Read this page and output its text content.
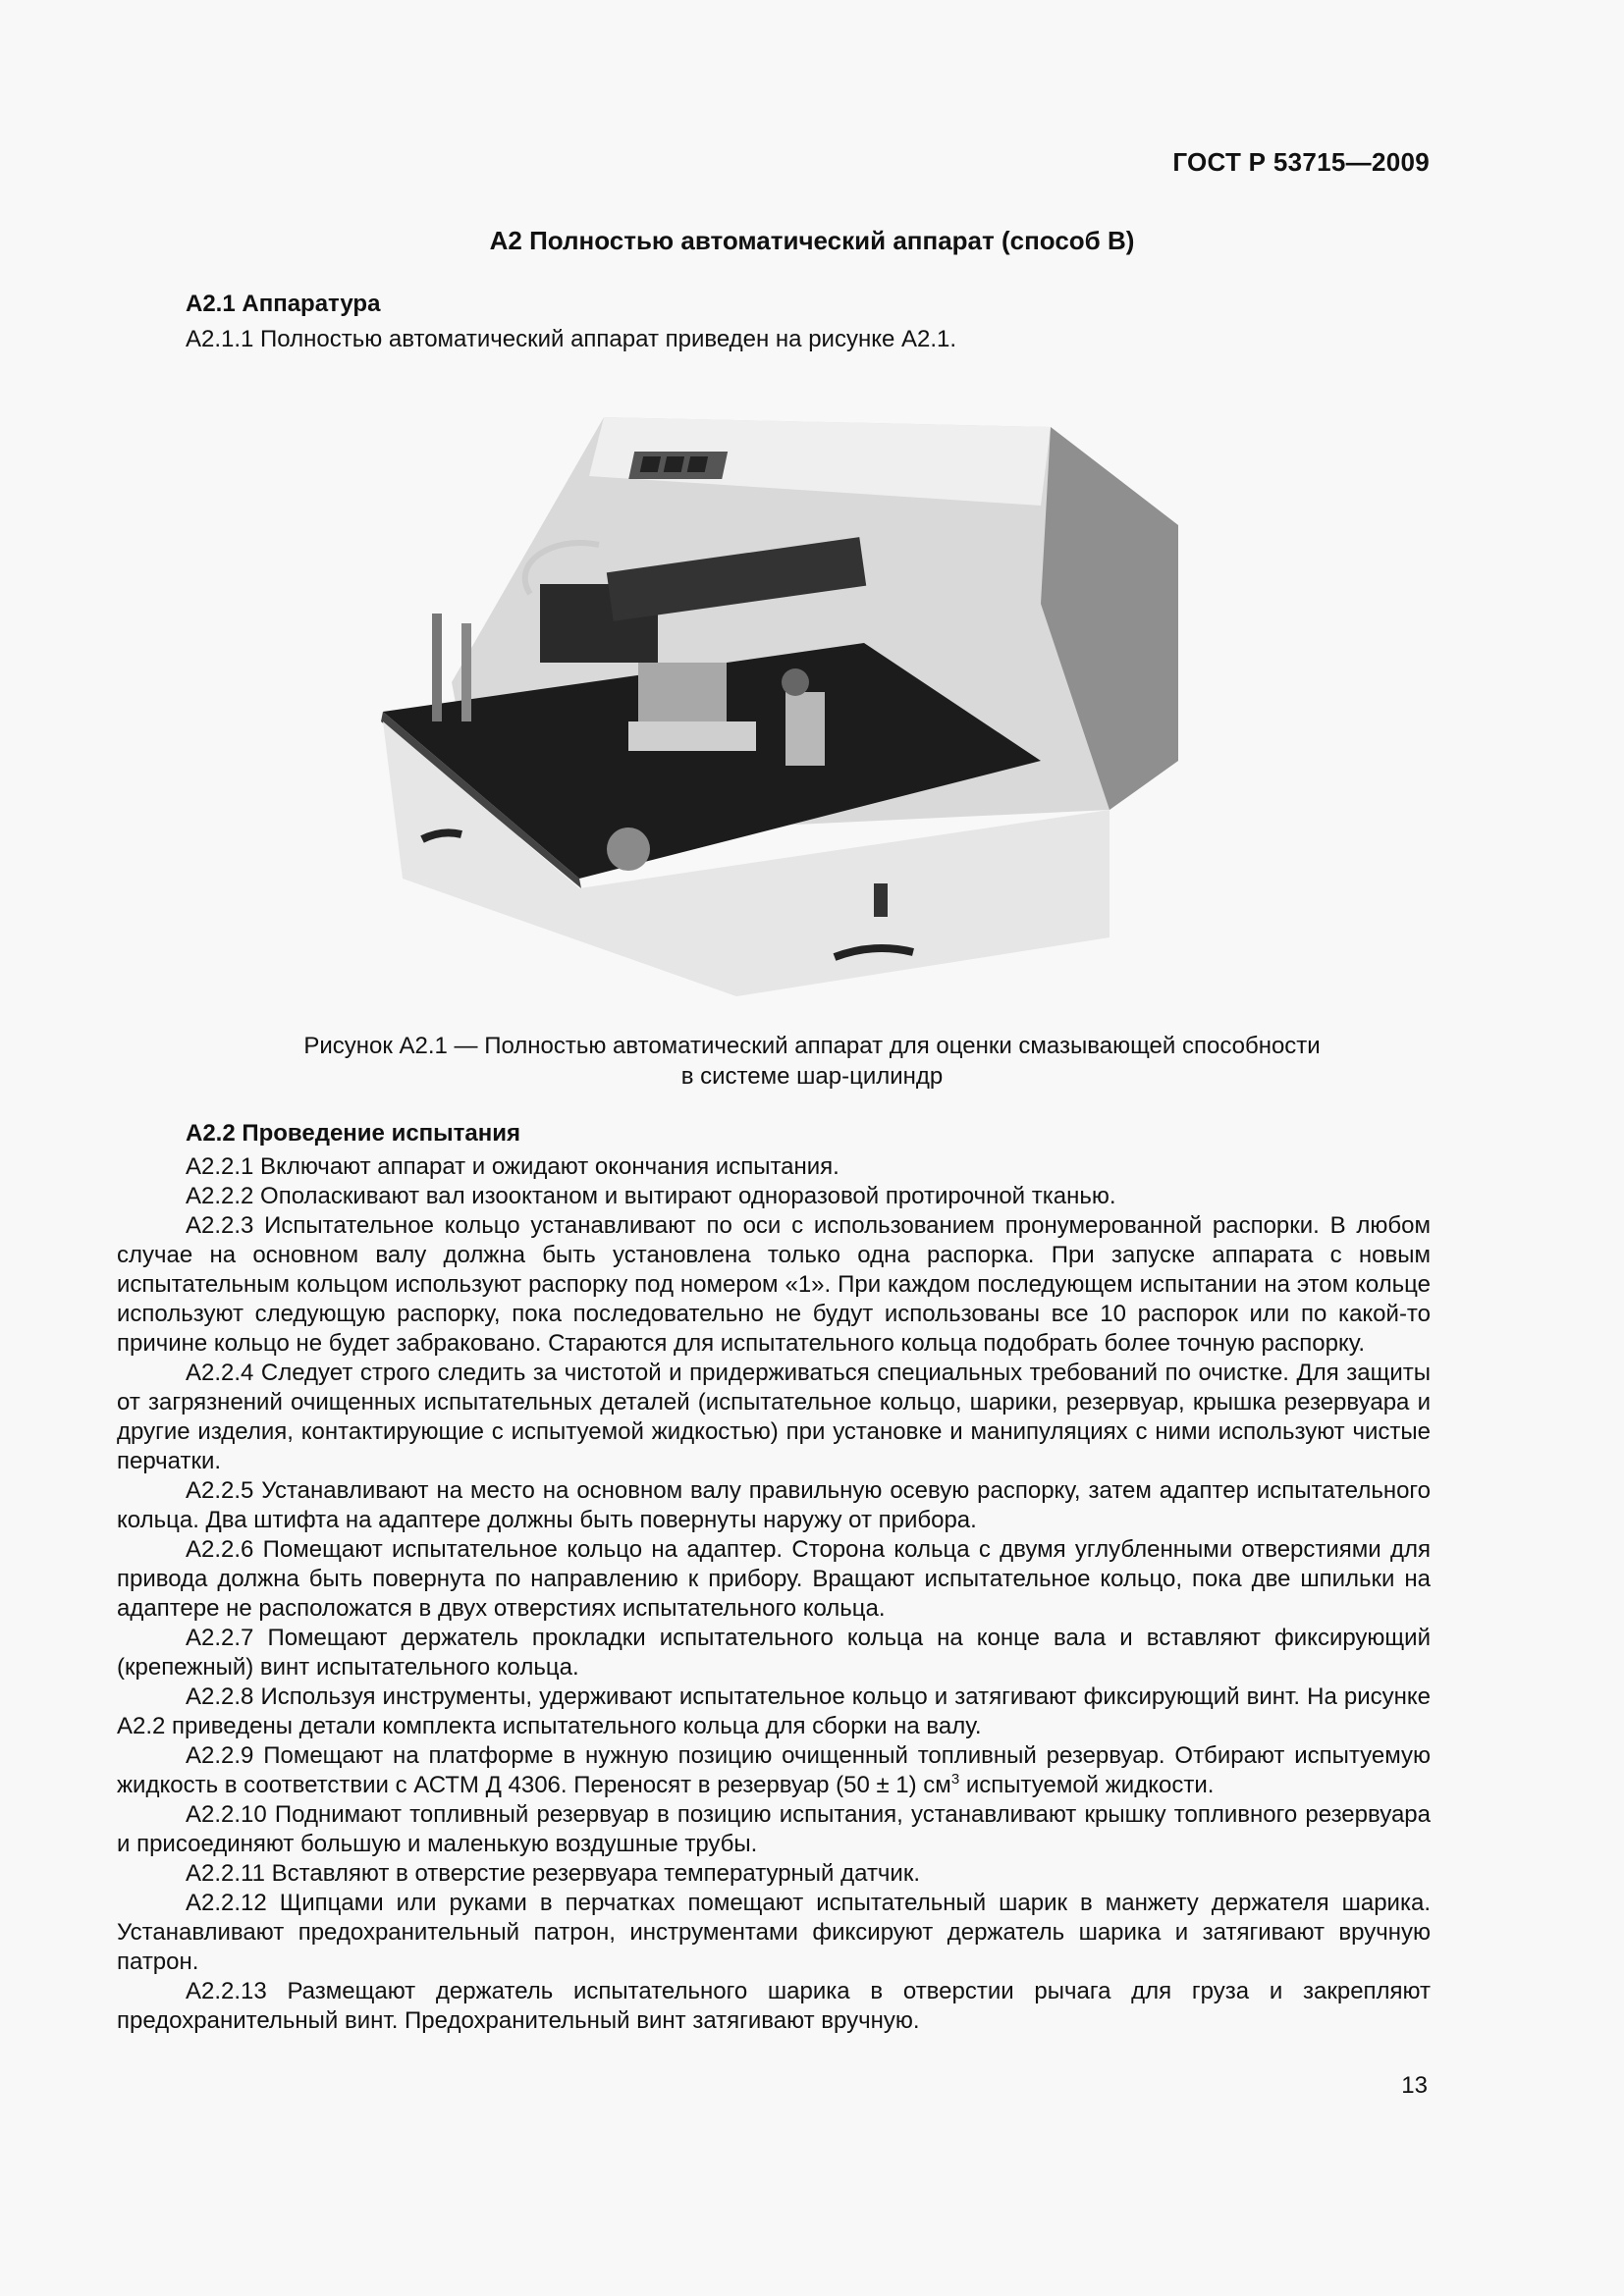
ГОСТ Р 53715—2009
А2 Полностью автоматический аппарат (способ В)
А2.1 Аппаратура
А2.1.1 Полностью автоматический аппарат приведен на рисунке А2.1.
Рисунок А2.1 — Полностью автоматический аппарат для оценки смазывающей способности
в системе шар-цилиндр
А2.2 Проведение испытания
А2.2.1 Включают аппарат и ожидают окончания испытания.
А2.2.2 Ополаскивают вал изооктаном и вытирают одноразовой протирочной тканью.
А2.2.3 Испытательное кольцо устанавливают по оси с использованием пронумерованной распорки. В любом случае на основном валу должна быть установлена только одна распорка. При запуске аппарата с новым испытательным кольцом используют распорку под номером «1». При каждом последующем испытании на этом кольце используют следующую распорку, пока последовательно не будут использованы все 10 распорок или по какой-то причине кольцо не будет забраковано. Стараются для испытательного кольца подобрать более точную распорку.
А2.2.4 Следует строго следить за чистотой и придерживаться специальных требований по очистке. Для защиты от загрязнений очищенных испытательных деталей (испытательное кольцо, шарики, резервуар, крышка резервуара и другие изделия, контактирующие с испытуемой жидкостью) при установке и манипуляциях с ними используют чистые перчатки.
А2.2.5 Устанавливают на место на основном валу правильную осевую распорку, затем адаптер испытательного кольца. Два штифта на адаптере должны быть повернуты наружу от прибора.
А2.2.6 Помещают испытательное кольцо на адаптер. Сторона кольца с двумя углубленными отверстиями для привода должна быть повернута по направлению к прибору. Вращают испытательное кольцо, пока две шпильки на адаптере не расположатся в двух отверстиях испытательного кольца.
А2.2.7 Помещают держатель прокладки испытательного кольца на конце вала и вставляют фиксирующий (крепежный) винт испытательного кольца.
А2.2.8 Используя инструменты, удерживают испытательное кольцо и затягивают фиксирующий винт. На рисунке А2.2 приведены детали комплекта испытательного кольца для сборки на валу.
А2.2.9 Помещают на платформе в нужную позицию очищенный топливный резервуар. Отбирают испытуемую жидкость в соответствии с АСТМ Д 4306. Переносят в резервуар (50 ± 1) $см^3$ испытуемой жидкости.
А2.2.10 Поднимают топливный резервуар в позицию испытания, устанавливают крышку топливного резервуара и присоединяют большую и маленькую воздушные трубы.
А2.2.11 Вставляют в отверстие резервуара температурный датчик.
А2.2.12 Щипцами или руками в перчатках помещают испытательный шарик в манжету держателя шарика. Устанавливают предохранительный патрон, инструментами фиксируют держатель шарика и затягивают вручную патрон.
А2.2.13 Размещают держатель испытательного шарика в отверстии рычага для груза и закрепляют предохранительный винт. Предохранительный винт затягивают вручную.
13
